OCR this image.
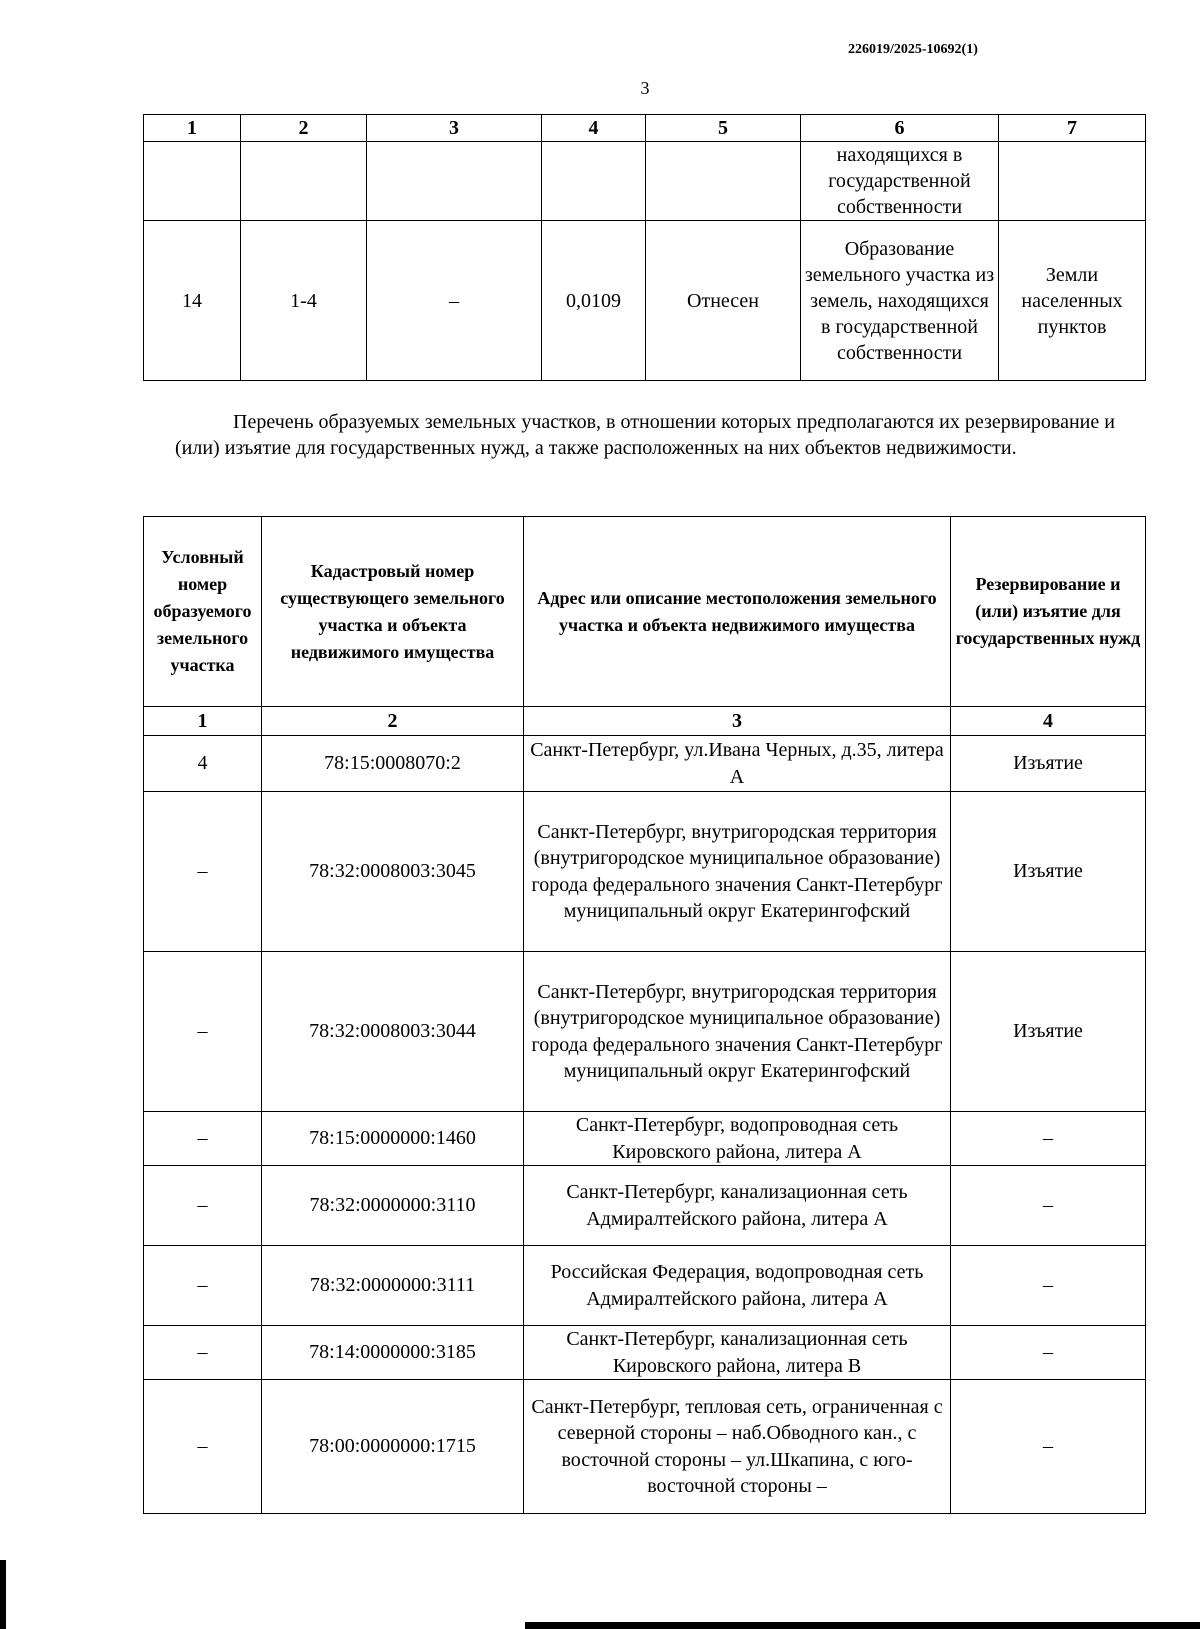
226019/2025-10692(1)
3
1	2	3	4	5	6	7
					находящихся в государственной собственности	
14	1-4	–	0,0109	Отнесен	Образование земельного участка из земель, находящихся в государственной собственности	Земли населенных пунктов

Перечень образуемых земельных участков, в отношении которых предполагаются их резервирование и (или) изъятие для государственных нужд, а также расположенных на них объектов недвижимости.

Условный номер образуемого земельного участка	Кадастровый номер существующего земельного участка и объекта недвижимого имущества	Адрес или описание местоположения земельного участка и объекта недвижимого имущества	Резервирование и (или) изъятие для государственных нужд
1	2	3	4
4	78:15:0008070:2	Санкт-Петербург, ул.Ивана Черных, д.35, литера А	Изъятие
–	78:32:0008003:3045	Санкт-Петербург, внутригородская территория (внутригородское муниципальное образование) города федерального значения Санкт-Петербург муниципальный округ Екатерингофский	Изъятие
–	78:32:0008003:3044	Санкт-Петербург, внутригородская территория (внутригородское муниципальное образование) города федерального значения Санкт-Петербург муниципальный округ Екатерингофский	Изъятие
–	78:15:0000000:1460	Санкт-Петербург, водопроводная сеть Кировского района, литера А	–
–	78:32:0000000:3110	Санкт-Петербург, канализационная сеть Адмиралтейского района, литера А	–
–	78:32:0000000:3111	Российская Федерация, водопроводная сеть Адмиралтейского района, литера А	–
–	78:14:0000000:3185	Санкт-Петербург, канализационная сеть Кировского района, литера В	–
–	78:00:0000000:1715	Санкт-Петербург, тепловая сеть, ограниченная с северной стороны – наб.Обводного кан., с восточной стороны – ул.Шкапина, с юго-восточной стороны –	–
